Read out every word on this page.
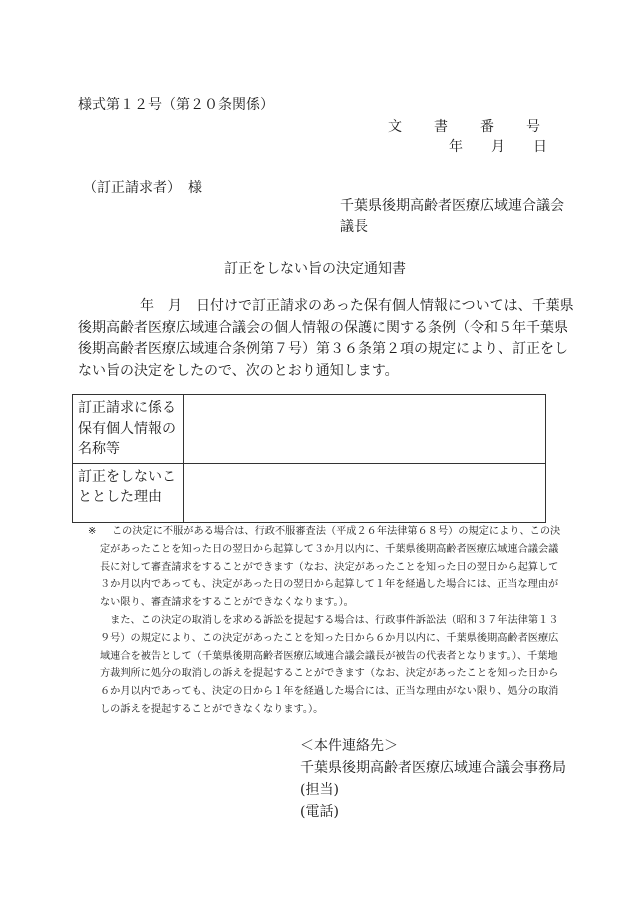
様式第１２号（第２０条関係）
文　書　番　号
年 月 日
（訂正請求者）　様
千葉県後期高齢者医療広域連合議会
議長
訂正をしない旨の決定通知書
　　年　月　日付けで訂正請求のあった保有個人情報については、千葉県
後期高齢者医療広域連合議会の個人情報の保護に関する条例（令和５年千葉県
後期高齢者医療広域連合条例第７号）第３６条第２項の規定により、訂正をし
ない旨の決定をしたので、次のとおり通知します。
訂正請求に係る
保有個人情報の
名称等	

訂正をしないこ
ととした理由	

※	この決定に不服がある場合は、行政不服審査法（平成２６年法律第６８号）の規定により、この決
定があったことを知った日の翌日から起算して３か月以内に、千葉県後期高齢者医療広域連合議会議
長に対して審査請求をすることができます（なお、決定があったことを知った日の翌日から起算して
３か月以内であっても、決定があった日の翌日から起算して１年を経過した場合には、正当な理由が
ない限り、審査請求をすることができなくなります。）。
　また、この決定の取消しを求める訴訟を提起する場合は、行政事件訴訟法（昭和３７年法律第１３
９号）の規定により、この決定があったことを知った日から６か月以内に、千葉県後期高齢者医療広
域連合を被告として（千葉県後期高齢者医療広域連合議会議長が被告の代表者となります。）、千葉地
方裁判所に処分の取消しの訴えを提起することができます（なお、決定があったことを知った日から
６か月以内であっても、決定の日から１年を経過した場合には、正当な理由がない限り、処分の取消
しの訴えを提起することができなくなります。）。
＜本件連絡先＞
千葉県後期高齢者医療広域連合議会事務局
(担当)
(電話)
